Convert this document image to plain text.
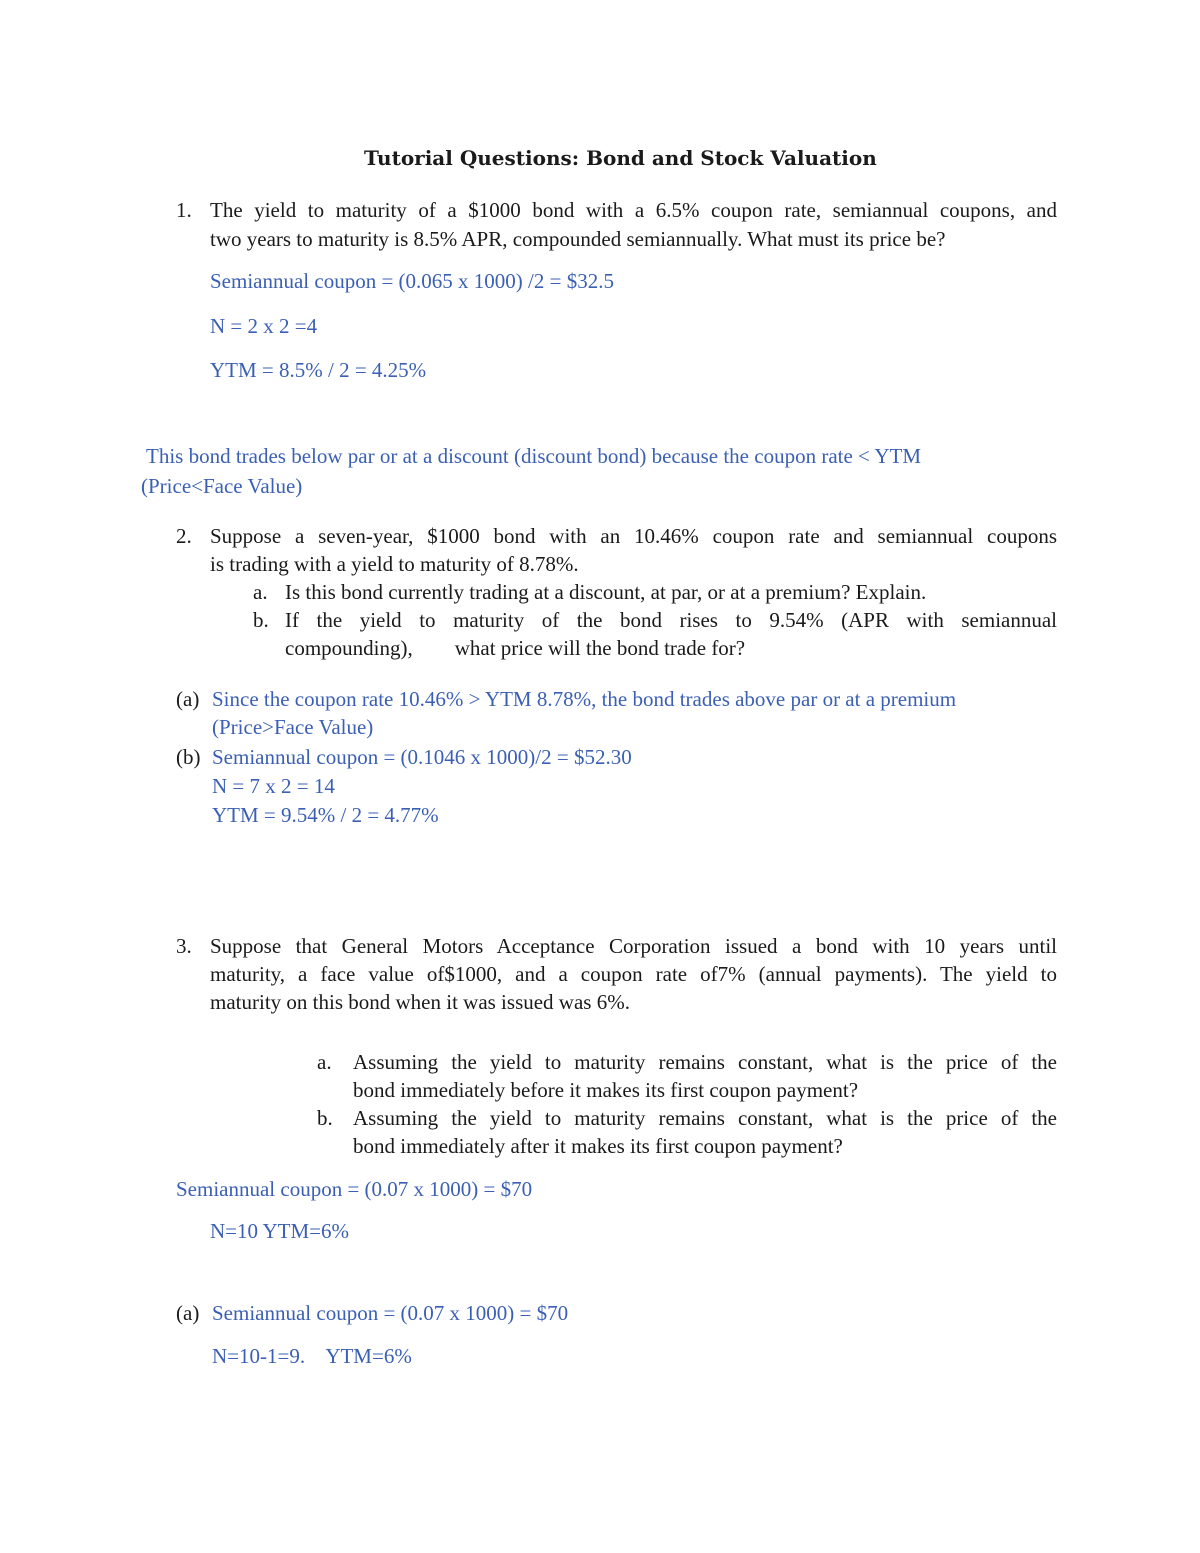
Tutorial Questions: Bond and Stock Valuation
1. The yield to maturity of a $1000 bond with a 6.5% coupon rate, semiannual coupons, and
two years to maturity is 8.5% APR, compounded semiannually. What must its price be?
Semiannual coupon = (0.065 x 1000) /2 = $32.5
N = 2 x 2 =4
YTM = 8.5% / 2 = 4.25%
This bond trades below par or at a discount (discount bond) because the coupon rate < YTM
(Price<Face Value)
2. Suppose a seven-year, $1000 bond with an 10.46% coupon rate and semiannual coupons
is trading with a yield to maturity of 8.78%.
a. Is this bond currently trading at a discount, at par, or at a premium? Explain.
b. If the yield to maturity of the bond rises to 9.54% (APR with semiannual
compounding),        what price will the bond trade for?
(a) Since the coupon rate 10.46% > YTM 8.78%, the bond trades above par or at a premium
(Price>Face Value)
(b) Semiannual coupon = (0.1046 x 1000)/2 = $52.30
N = 7 x 2 = 14
YTM = 9.54% / 2 = 4.77%
3. Suppose that General Motors Acceptance Corporation issued a bond with 10 years until
maturity, a face value of$1000, and a coupon rate of7% (annual payments). The yield to
maturity on this bond when it was issued was 6%.
a. Assuming the yield to maturity remains constant, what is the price of the
bond immediately before it makes its first coupon payment?
b. Assuming the yield to maturity remains constant, what is the price of the
bond immediately after it makes its first coupon payment?
Semiannual coupon = (0.07 x 1000) = $70
N=10 YTM=6%
(a) Semiannual coupon = (0.07 x 1000) = $70
N=10-1=9.    YTM=6%
